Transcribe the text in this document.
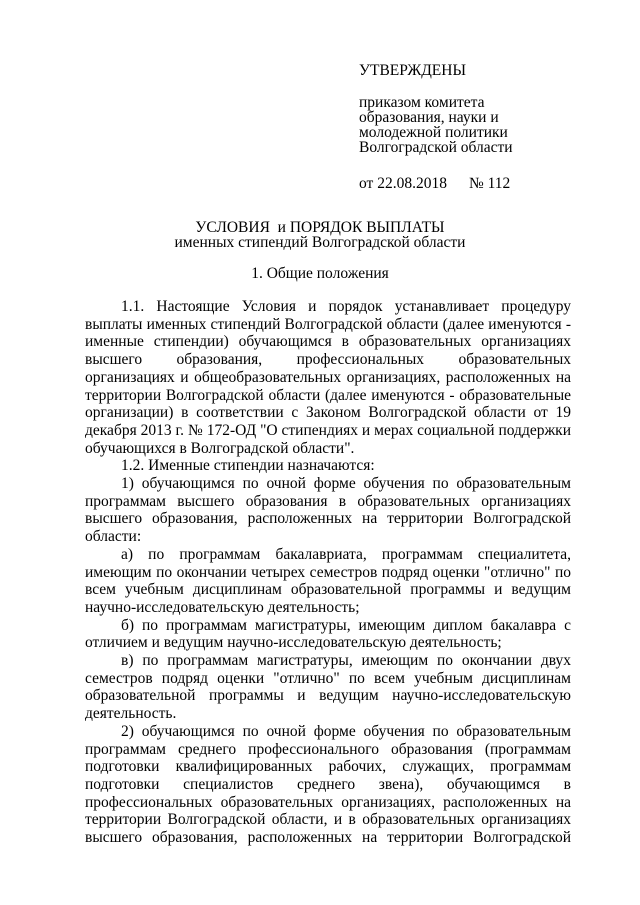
УТВЕРЖДЕНЫ
приказом комитета
образования, науки и
молодежной политики
Волгоградской области
от 22.08.2018 № 112
УСЛОВИЯ  и ПОРЯДОК ВЫПЛАТЫ
именных стипендий Волгоградской области
1. Общие положения

1.1. Настоящие Условия и порядок устанавливает процедуру выплаты именных стипендий Волгоградской области (далее именуются - именные стипендии) обучающимся в образовательных организациях высшего образования, профессиональных образовательных организациях и общеобразовательных организациях, расположенных на территории Волгоградской области (далее именуются - образовательные организации) в соответствии с Законом Волгоградской области от 19 декабря 2013 г. № 172-ОД "О стипендиях и мерах социальной поддержки обучающихся в Волгоградской области".

1.2. Именные стипендии назначаются:

1) обучающимся по очной форме обучения по образовательным программам высшего образования в образовательных организациях высшего образования, расположенных на территории Волгоградской области:

а) по программам бакалавриата, программам специалитета, имеющим по окончании четырех семестров подряд оценки "отлично" по всем учебным дисциплинам образовательной программы и ведущим научно-исследовательскую деятельность;

б) по программам магистратуры, имеющим диплом бакалавра с отличием и ведущим научно-исследовательскую деятельность;

в) по программам магистратуры, имеющим по окончании двух семестров подряд оценки "отлично" по всем учебным дисциплинам образовательной программы и ведущим научно-исследовательскую деятельность.

2) обучающимся по очной форме обучения по образовательным программам среднего профессионального образования (программам подготовки квалифицированных рабочих, служащих, программам подготовки специалистов среднего звена), обучающимся в профессиональных образовательных организациях, расположенных на территории Волгоградской области, и в образовательных организациях высшего образования, расположенных на территории Волгоградской
